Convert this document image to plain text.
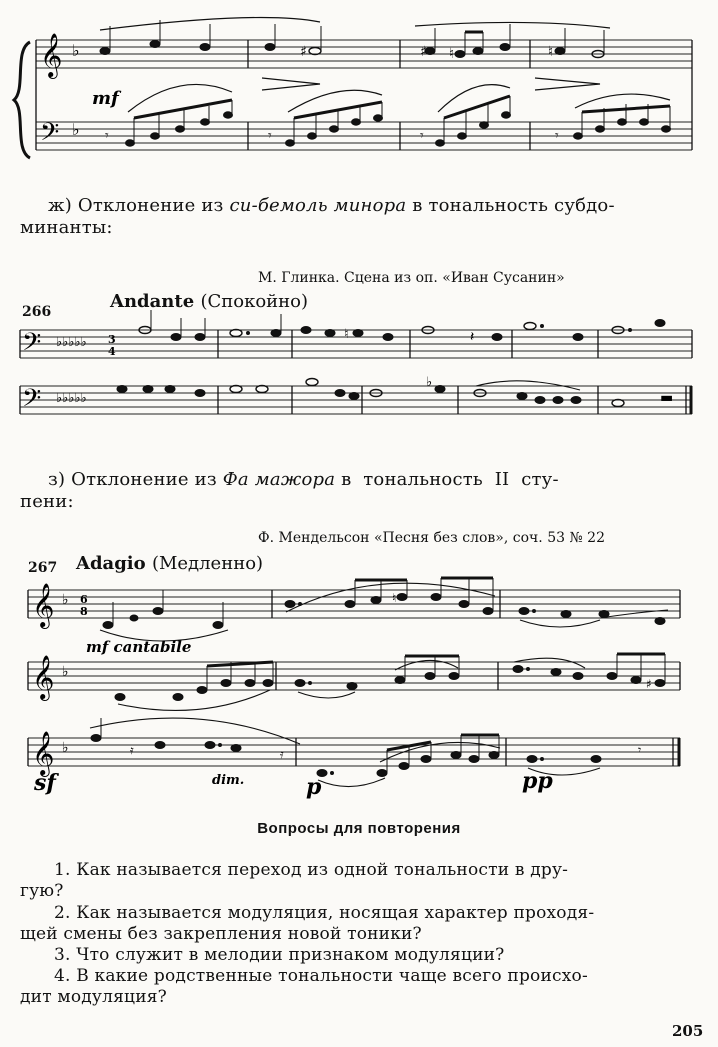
𝄞
𝄢
♭
♭
♯	♯ ♮	♮
mf
𝄾	𝄾	𝄾	𝄾
ж) Отклонение из си-бемоль минора в тональность субдо-
минанты:
М. Глинка. Сцена из оп. «Иван Сусанин»
266	Andante (Спокойно)
𝄢
𝄢
♭♭♭♭♭
♭♭♭♭♭
3
4
♮	𝄽
♭
▬
з) Отклонение из Фа мажора в  тональность  II  сту-
пени:
Ф. Мендельсон «Песня без слов», соч. 53 № 22
267 Adagio (Медленно)
𝄞
𝄞
𝄞
♭
♭
♭
6
8
♮
mf cantabile
♯
𝄿	𝄿	𝄾
sf	dim.	p	pp
Вопросы для повторения
1. Как называется переход из одной тональности в дру-
гую?
2. Как называется модуляция, носящая характер проходя-
щей смены без закрепления новой тоники?
3. Что служит в мелодии признаком модуляции?
4. В какие родственные тональности чаще всего происхо-
дит модуляция?
205
